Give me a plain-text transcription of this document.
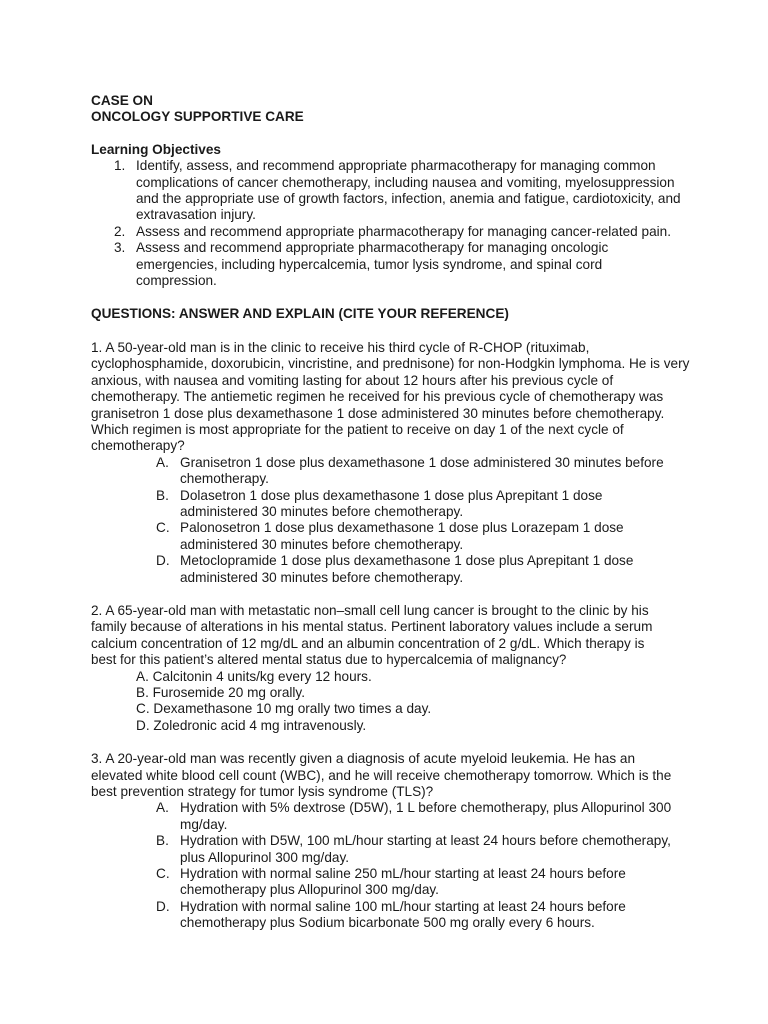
CASE ON

ONCOLOGY SUPPORTIVE CARE

Learning Objectives

1. Identify, assess, and recommend appropriate pharmacotherapy for managing common complications of cancer chemotherapy, including nausea and vomiting, myelosuppression and the appropriate use of growth factors, infection, anemia and fatigue, cardiotoxicity, and extravasation injury.
2. Assess and recommend appropriate pharmacotherapy for managing cancer-related pain.
3. Assess and recommend appropriate pharmacotherapy for managing oncologic emergencies, including hypercalcemia, tumor lysis syndrome, and spinal cord compression.

QUESTIONS: ANSWER AND EXPLAIN (CITE YOUR REFERENCE)

1. A 50-year-old man is in the clinic to receive his third cycle of R-CHOP (rituximab, cyclophosphamide, doxorubicin, vincristine, and prednisone) for non-Hodgkin lymphoma. He is very anxious, with nausea and vomiting lasting for about 12 hours after his previous cycle of chemotherapy. The antiemetic regimen he received for his previous cycle of chemotherapy was granisetron 1 dose plus dexamethasone 1 dose administered 30 minutes before chemotherapy. Which regimen is most appropriate for the patient to receive on day 1 of the next cycle of chemotherapy?

A. Granisetron 1 dose plus dexamethasone 1 dose administered 30 minutes before chemotherapy.
B. Dolasetron 1 dose plus dexamethasone 1 dose plus Aprepitant 1 dose administered 30 minutes before chemotherapy.
C. Palonosetron 1 dose plus dexamethasone 1 dose plus Lorazepam 1 dose administered 30 minutes before chemotherapy.
D. Metoclopramide 1 dose plus dexamethasone 1 dose plus Aprepitant 1 dose administered 30 minutes before chemotherapy.

2. A 65-year-old man with metastatic non–small cell lung cancer is brought to the clinic by his family because of alterations in his mental status. Pertinent laboratory values include a serum calcium concentration of 12 mg/dL and an albumin concentration of 2 g/dL. Which therapy is

best for this patient’s altered mental status due to hypercalcemia of malignancy?

A. Calcitonin 4 units/kg every 12 hours.
B. Furosemide 20 mg orally.
C. Dexamethasone 10 mg orally two times a day.
D. Zoledronic acid 4 mg intravenously.

3. A 20-year-old man was recently given a diagnosis of acute myeloid leukemia. He has an elevated white blood cell count (WBC), and he will receive chemotherapy tomorrow. Which is the best prevention strategy for tumor lysis syndrome (TLS)?

A. Hydration with 5% dextrose (D5W), 1 L before chemotherapy, plus Allopurinol 300 mg/day.
B. Hydration with D5W, 100 mL/hour starting at least 24 hours before chemotherapy, plus Allopurinol 300 mg/day.
C. Hydration with normal saline 250 mL/hour starting at least 24 hours before chemotherapy plus Allopurinol 300 mg/day.
D. Hydration with normal saline 100 mL/hour starting at least 24 hours before chemotherapy plus Sodium bicarbonate 500 mg orally every 6 hours.
